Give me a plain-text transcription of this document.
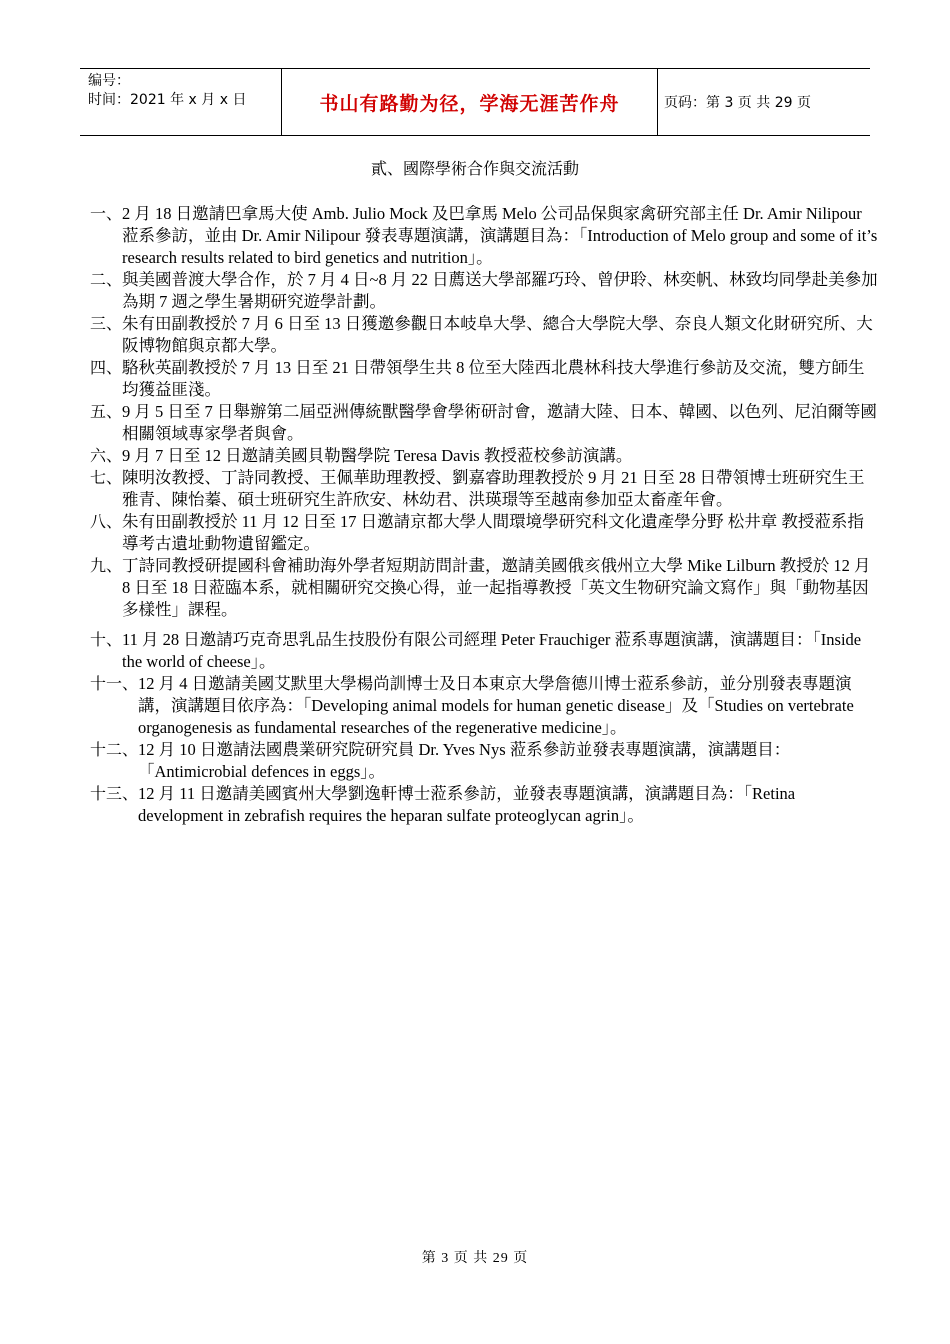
编号：
时间：2021 年 x 月 x 日	书山有路勤为径，学海无涯苦作舟	页码：第 3 页 共 29 页
貳、國際學術合作與交流活動
一、 2 月 18 日邀請巴拿馬大使 Amb. Julio Mock 及巴拿馬 Melo 公司品保與家禽研究部主任 Dr. Amir Nilipour 蒞系參訪，並由 Dr. Amir Nilipour 發表專題演講，演講題目為：「Introduction of Melo group and some of it’s research results related to bird genetics and nutrition」。
二、 與美國普渡大學合作，於 7 月 4 日~8 月 22 日薦送大學部羅巧玲、曾伊聆、林奕帆、林致均同學赴美參加為期 7 週之學生暑期研究遊學計劃。
三、 朱有田副教授於 7 月 6 日至 13 日獲邀參觀日本岐阜大學、總合大學院大學、奈良人類文化財研究所、大阪博物館與京都大學。
四、 駱秋英副教授於 7 月 13 日至 21 日帶領學生共 8 位至大陸西北農林科技大學進行參訪及交流，雙方師生均獲益匪淺。
五、 9 月 5 日至 7 日舉辦第二屆亞洲傳統獸醫學會學術研討會，邀請大陸、日本、韓國、以色列、尼泊爾等國相關領域專家學者與會。
六、 9 月 7 日至 12 日邀請美國貝勒醫學院 Teresa Davis 教授蒞校參訪演講。
七、 陳明汝教授、丁詩同教授、王佩華助理教授、劉嘉睿助理教授於 9 月 21 日至 28 日帶領博士班研究生王雅青、陳怡蓁、碩士班研究生許欣安、林幼君、洪瑛璟等至越南參加亞太畜產年會。
八、 朱有田副教授於 11 月 12 日至 17 日邀請京都大學人間環境學研究科文化遺產學分野 松井章 教授蒞系指導考古遺址動物遺留鑑定。
九、 丁詩同教授研提國科會補助海外學者短期訪問計畫，邀請美國俄亥俄州立大學 Mike Lilburn 教授於 12 月 8 日至 18 日蒞臨本系，就相關研究交換心得，並一起指導教授「英文生物研究論文寫作」與「動物基因多樣性」課程。
十、 11 月 28 日邀請巧克奇思乳品生技股份有限公司經理 Peter Frauchiger 蒞系專題演講，演講題目：「Inside the world of cheese」。
十一、 12 月 4 日邀請美國艾默里大學楊尚訓博士及日本東京大學詹德川博士蒞系參訪，並分別發表專題演講，演講題目依序為：「Developing animal models for human genetic disease」及「Studies on vertebrate organogenesis as fundamental researches of the regenerative medicine」。
十二、 12 月 10 日邀請法國農業研究院研究員 Dr. Yves Nys 蒞系參訪並發表專題演講，演講題目：「Antimicrobial defences in eggs」。
十三、 12 月 11 日邀請美國賓州大學劉逸軒博士蒞系參訪，並發表專題演講，演講題目為：「Retina development in zebrafish requires the heparan sulfate proteoglycan agrin」。
第 3 页 共 29 页
